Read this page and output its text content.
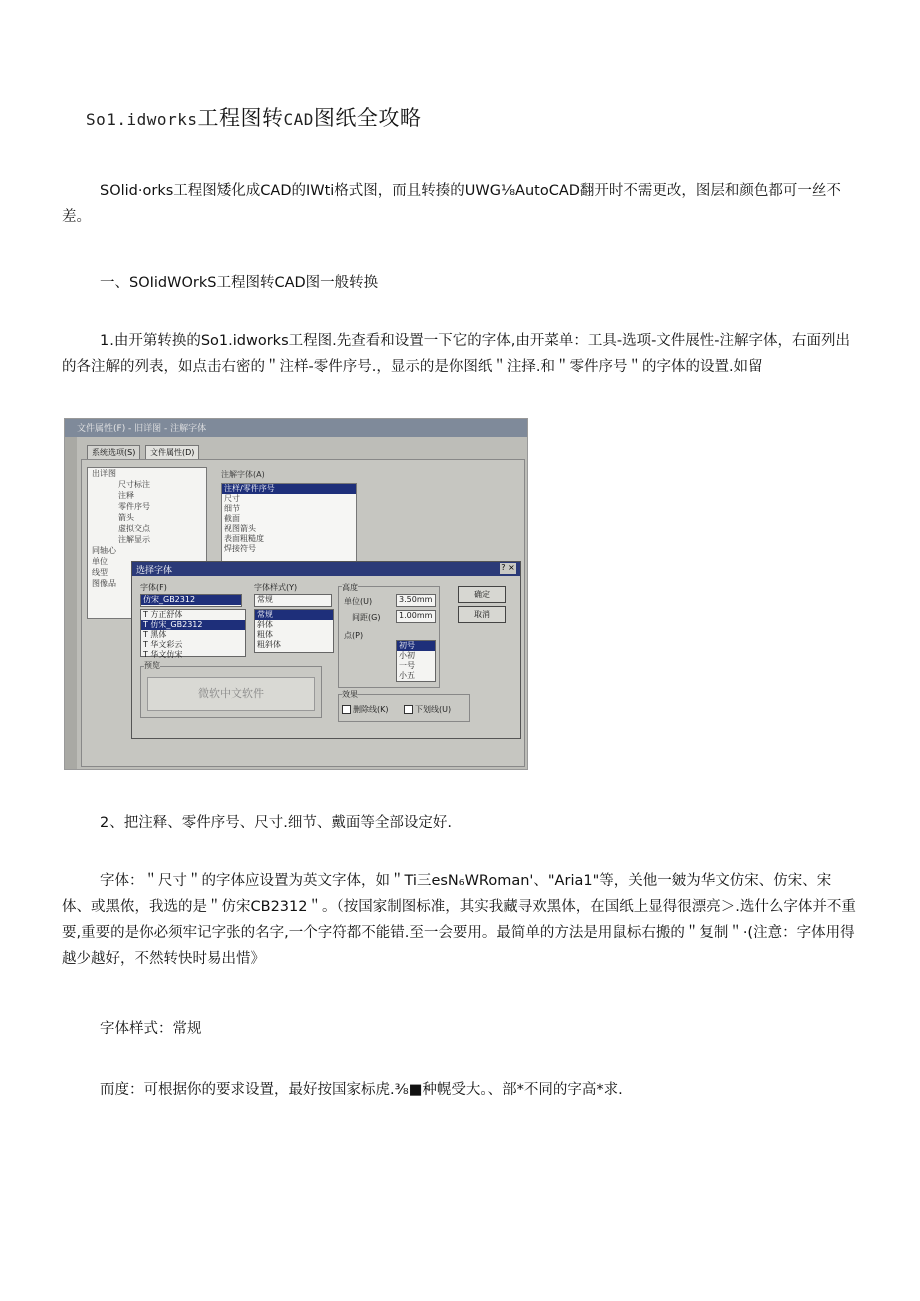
So1.idworks工程图转CAD图纸全攻略

SOlid·orks工程图矮化成CAD的IWti格式图，而且转揍的UWG⅛AutoCAD翻开时不需更改，图层和颜色都可一丝不差。

一、SOIidWOrkS工程图转CAD图一般转换

1.由开第转换的So1.idworks工程图.先查看和设置一下它的字体,由开菜单：工具-选项-文件展性-注解字体，右面列出的各注解的列表，如点击右密的＂注样-零件序号.，显示的是你图纸＂注择.和＂零件序号＂的字体的设置.如留

文件属性(F) - 旧详图 - 注解字体
系统选项(S)	文件属性(D)
出详图
尺寸标注
注释
零件序号
箭头
虚拟交点
注解显示
同轴心
单位
线型
图像品
注解字体(A)
注样/零件序号
尺寸
细节
截面
视图箭头
表面粗糙度
焊接符号
选择字体	? ×
字体(F)
仿宋_GB2312
T 方正舒体
T 仿宋_GB2312
T 黑体
T 华文彩云
T 华文仿宋
字体样式(Y)
常规
常规
斜体
粗体
粗斜体
高度
单位(U)	3.50mm
间距(G) 1.00mm
点(P)
初号
小初
一号
小五
确定
取消
预览
微软中文软件	效果
删除线(K)	下划线(U)

2、把注释、零件序号、尺寸.细节、戴面等全部设定好.

字体：＂尺寸＂的字体应设置为英文字体，如＂Ti三esN₆WRoman'、"Aria1"等，关他一皴为华文仿宋、仿宋、宋体、或黑侬，我选的是＂仿宋CB2312＂。（按国家制图标准，其实我藏寻欢黑体，在国纸上显得很漂亮＞.选什么字体并不重要,重要的是你必须牢记字张的名字,一个字符都不能错.至一会要用。最简单的方法是用鼠标右搬的＂复制＂·(注意：字体用得越少越好，不然转快时易出惜》

字体样式：常规

而度：可根据你的要求设置，最好按国家标虎.⅜■种幌受大。、部*不同的字高*求.
